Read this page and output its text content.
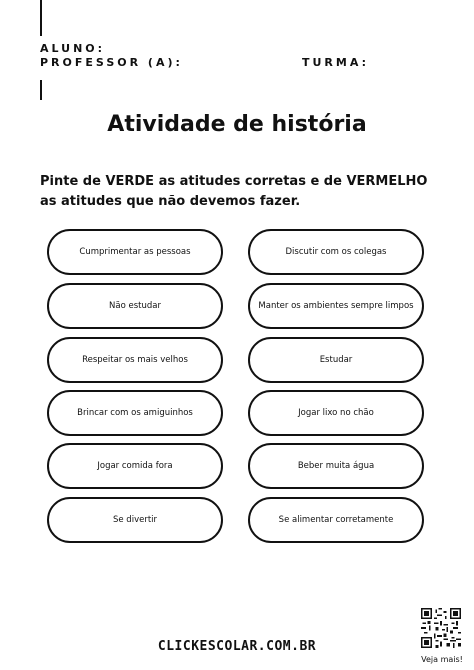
ALUNO:
PROFESSOR (A):	TURMA:
Atividade de história

Pinte de VERDE as atitudes corretas e de VERMELHO as atitudes que não devemos fazer.

Cumprimentar as pessoas
Não estudar
Respeitar os mais velhos
Brincar com os amiguinhos
Jogar comida fora
Se divertir
Discutir com os colegas
Manter os ambientes sempre limpos
Estudar
Jogar lixo no chão
Beber muita água
Se alimentar corretamente
CLICKESCOLAR.COM.BR
Veja mais!
